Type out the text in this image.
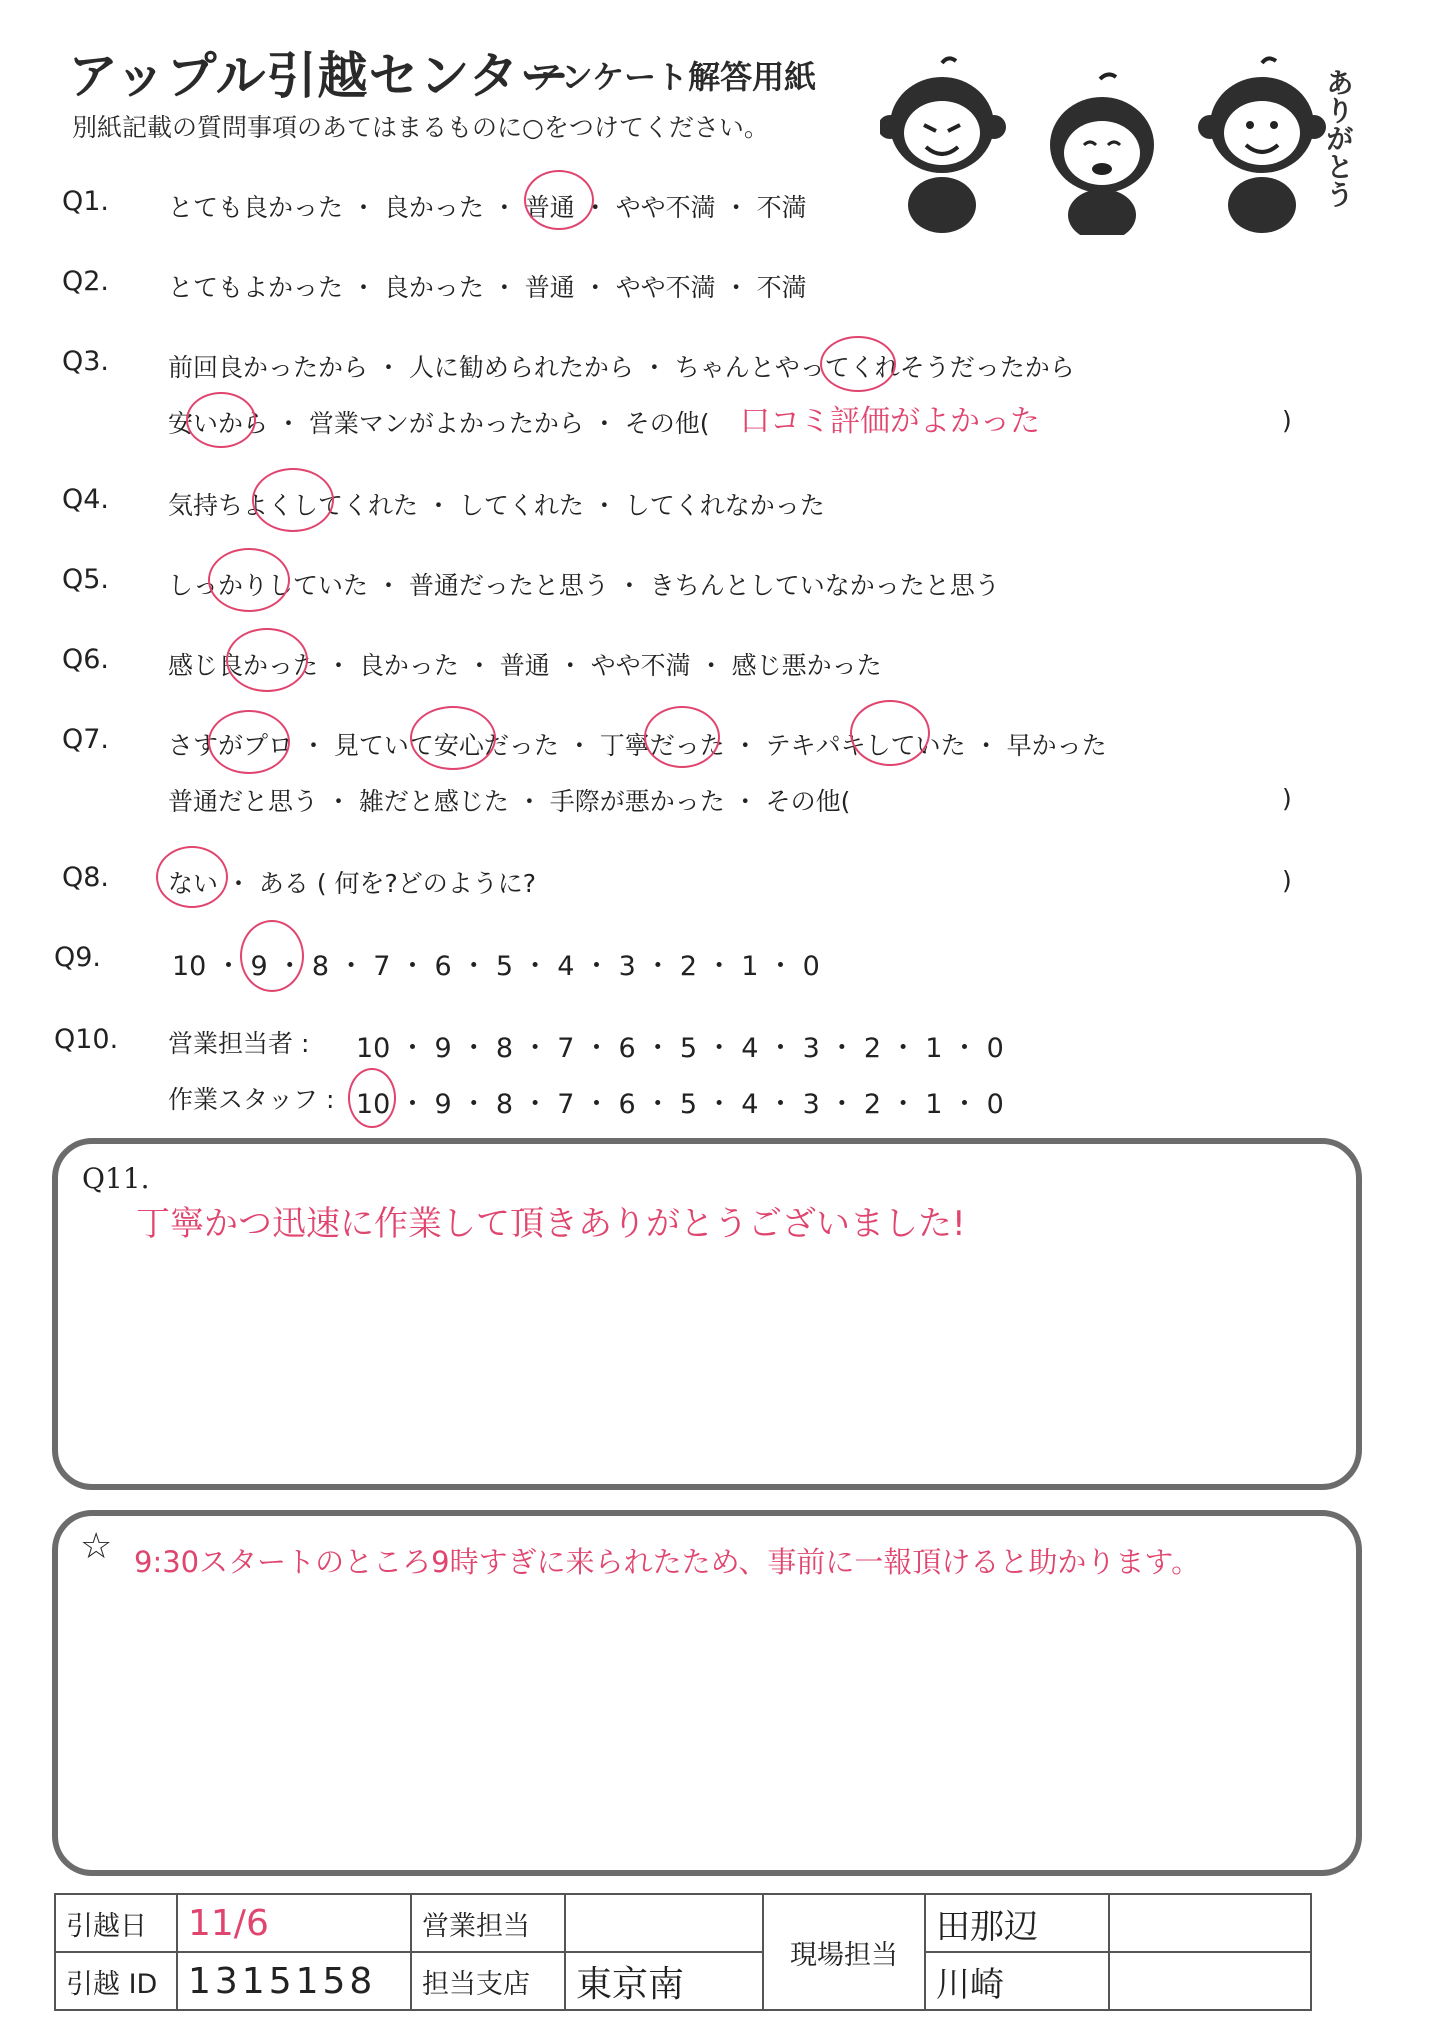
アップル引越センター
アンケート解答用紙
別紙記載の質問事項のあてはまるものに○をつけてください。	ありがとう
Q1. とても良かった ・ 良かった ・ 普通 ・ やや不満 ・ 不満
Q2. とてもよかった ・ 良かった ・ 普通 ・ やや不満 ・ 不満
Q3. 前回良かったから ・ 人に勧められたから ・ ちゃんとやってくれそうだったから
安いから ・ 営業マンがよかったから ・ その他( 口コミ評価がよかった	)
Q4. 気持ちよくしてくれた ・ してくれた ・ してくれなかった
Q5. しっかりしていた ・ 普通だったと思う ・ きちんとしていなかったと思う
Q6. 感じ良かった ・ 良かった ・ 普通 ・ やや不満 ・ 感じ悪かった
Q7. さすがプロ ・ 見ていて安心だった ・ 丁寧だった ・ テキパキしていた ・ 早かった
普通だと思う ・ 雑だと感じた ・ 手際が悪かった ・ その他(	)
Q8. ない ・ ある ( 何を?どのように?	)
Q9.	10 ・ 9 ・ 8 ・ 7 ・ 6 ・ 5 ・ 4 ・ 3 ・ 2 ・ 1 ・ 0
Q10. 営業担当者 : 10 ・ 9 ・ 8 ・ 7 ・ 6 ・ 5 ・ 4 ・ 3 ・ 2 ・ 1 ・ 0
作業スタッフ : 10 ・ 9 ・ 8 ・ 7 ・ 6 ・ 5 ・ 4 ・ 3 ・ 2 ・ 1 ・ 0
Q11.
丁寧かつ迅速に作業して頂きありがとうございました!
☆ 9:30スタートのところ9時すぎに来られたため、事前に一報頂けると助かります。
引越日	11/6	営業担当		現場担当	田那辺	
引越 ID	1315158	担当支店	東京南		川崎	
